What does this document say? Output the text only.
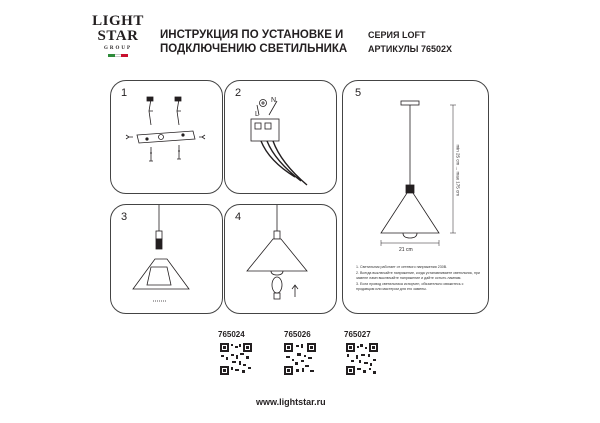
LIGHT
STAR
GROUP
ИНСТРУКЦИЯ ПО УСТАНОВКЕ И ПОДКЛЮЧЕНИЮ СВЕТИЛЬНИКА
СЕРИЯ LOFT
АРТИКУЛЫ 76502X
1	2
N
L
3	4
5
21 cm
min 25 cm ... max 175 cm
1. Светильник работает от сетевого напряжения 230В.
2. Всегда выключайте напряжение, когда устанавливаете светильник, при замене ламп выключайте напряжение и дайте остыть лампам.
3. Если провод светильника испорчен, обязательно свяжитесь с продавцом или мастером для его замены.
765024	765026	765027
www.lightstar.ru
